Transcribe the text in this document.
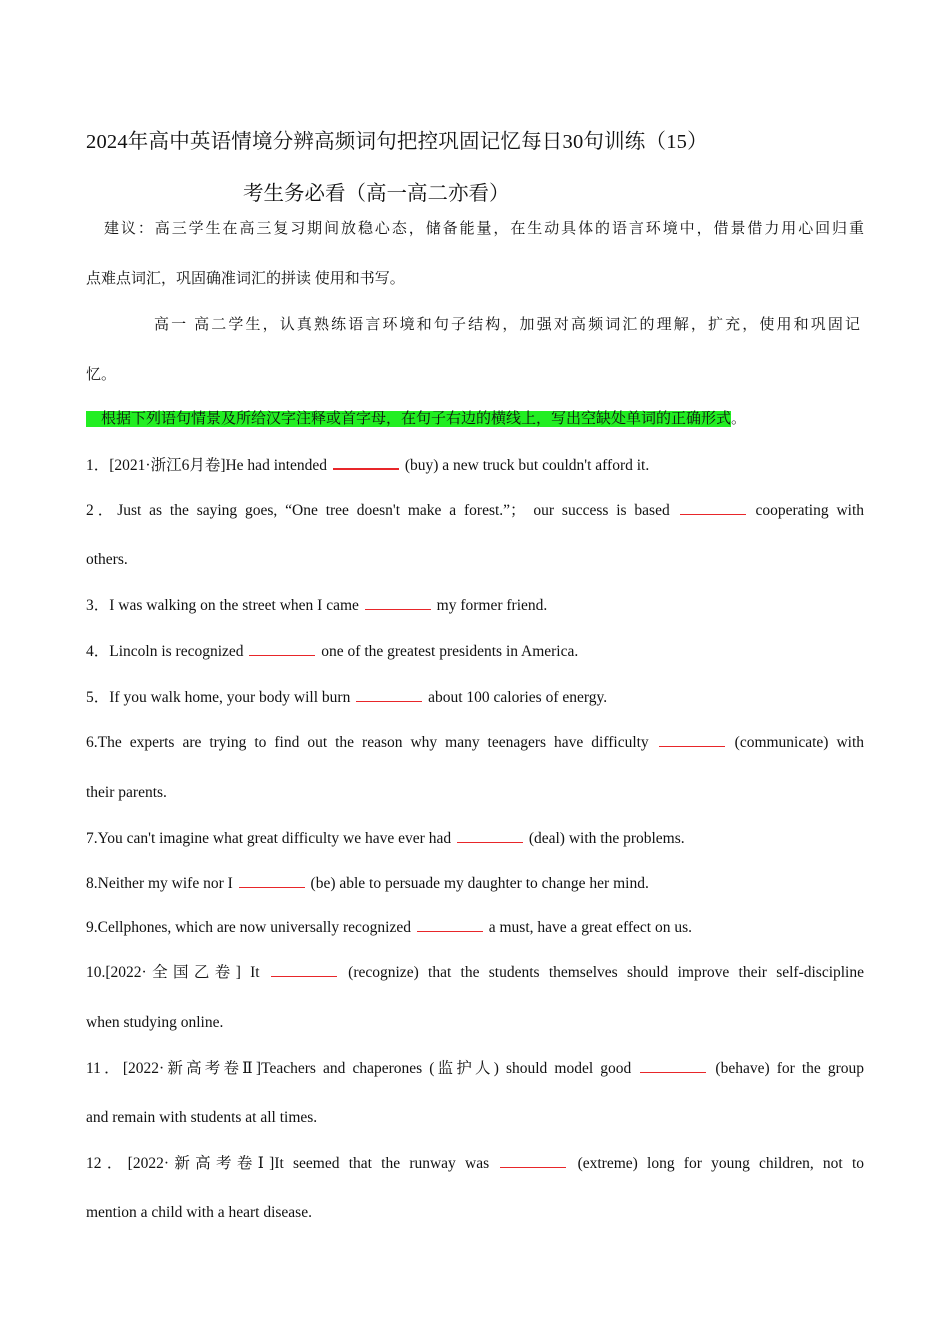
2024年高中英语情境分辨高频词句把控巩固记忆每日30句训练（15）
考生务必看（高一高二亦看）
建议：高三学生在高三复习期间放稳心态，储备能量，在生动具体的语言环境中，借景借力用心回归重
点难点词汇，巩固确准词汇的拼读 使用和书写。
高一 高二学生，认真熟练语言环境和句子结构，加强对高频词汇的理解，扩充，使用和巩固记
忆。
 根据下列语句情景及所给汉字注释或首字母，在句子右边的横线上，写出空缺处单词的正确形式。
1．[2021·浙江6月卷]He had intended	(buy) a new truck but couldn't afford it.
2．Just as the saying goes, “One tree doesn't make a forest.”； our success is based	cooperating with
others.
3．I was walking on the street when I came	my former friend.
4．Lincoln is recognized	one of the greatest presidents in America.
5．If you walk home, your body will burn	about 100 calories of energy.
6.The experts are trying to find out the reason why many teenagers have difficulty	(communicate) with
their parents.
7.You can't imagine what great difficulty we have ever had	(deal) with the problems.
8.Neither my wife nor I	(be) able to persuade my daughter to change her mind.
9.Cellphones, which are now universally recognized	a must, have a great effect on us.
10.[2022·全国乙卷] It	(recognize) that the students themselves should improve their self-discipline
when studying online.
11．[2022·新高考卷Ⅱ]Teachers and chaperones (监护人) should model good	(behave) for the group
and remain with students at all times.
12．[2022·新高考卷Ⅰ]It seemed that the runway was	(extreme) long for young children, not to
mention a child with a heart disease.
